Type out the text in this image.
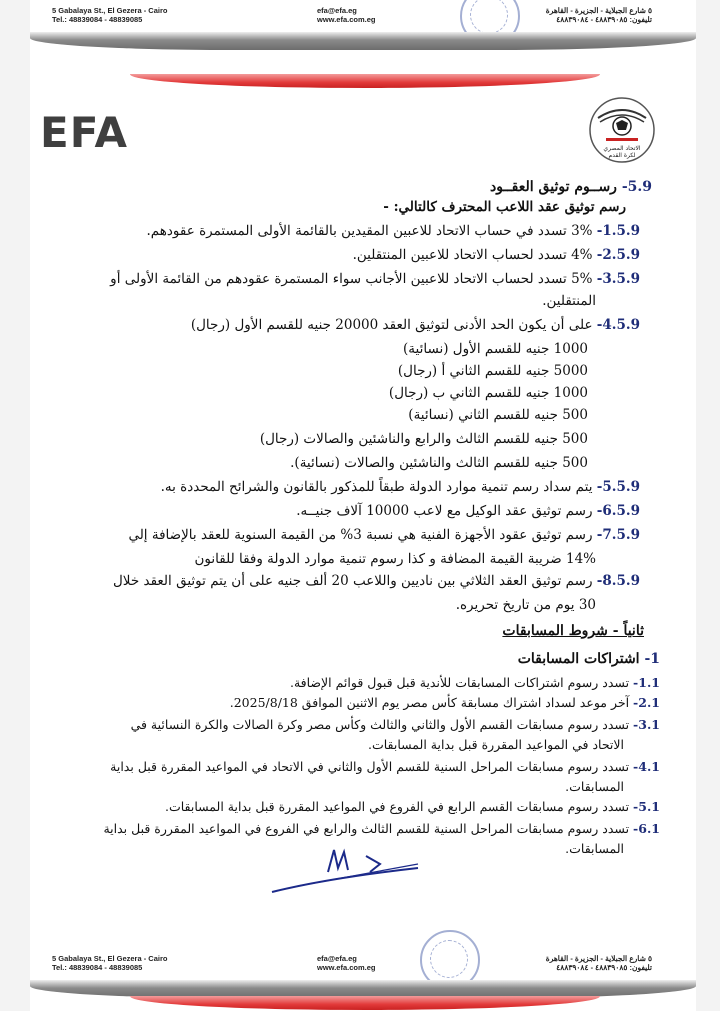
5 Gabalaya St., El Gezera - Cairo
Tel.: 48839084 - 48839085
efa@efa.eg
www.efa.com.eg
٥ شارع الجبلاية - الجزيرة - القاهرة
تليفون: ٤٨٨٣٩٠٨٥ - ٤٨٨٣٩٠٨٤
EFA	الاتحاد المصري
لكرة القدم
5.9- رســوم توثيق العقــود
رسم توثيق عقد اللاعب المحترف كالتالي: -
1.5.9- 3% تسدد في حساب الاتحاد للاعبين المقيدين بالقائمة الأولى المستمرة عقودهم.
2.5.9- 4% تسدد لحساب الاتحاد للاعبين المنتقلين.
3.5.9- 5% تسدد لحساب الاتحاد للاعبين الأجانب سواء المستمرة عقودهم من القائمة الأولى أو
المنتقلين.
4.5.9- على أن يكون الحد الأدنى لتوثيق العقد 20000 جنيه للقسم الأول (رجال)
1000 جنيه للقسم الأول (نسائية)
5000 جنيه للقسم الثاني أ (رجال)
1000 جنيه للقسم الثاني ب (رجال)
500 جنيه للقسم الثاني (نسائية)
500 جنيه للقسم الثالث والرابع والناشئين والصالات (رجال)
500 جنيه للقسم الثالث والناشئين والصالات (نسائية).
5.5.9- يتم سداد رسم تنمية موارد الدولة طبقاً للمذكور بالقانون والشرائح المحددة به.
6.5.9- رسم توثيق عقد الوكيل مع لاعب 10000 آلاف جنيــه.
7.5.9- رسم توثيق عقود الأجهزة الفنية هي نسبة 3% من القيمة السنوية للعقد بالإضافة إلي
14% ضريبة القيمة المضافة و كذا رسوم تنمية موارد الدولة وفقا للقانون
8.5.9- رسم توثيق العقد الثلاثي بين ناديين واللاعب 20 ألف جنيه على أن يتم توثيق العقد خلال
30 يوم من تاريخ تحريره.
ثانياً - شروط المسابقات
1- اشتراكات المسابقات
1.1- تسدد رسوم اشتراكات المسابقات للأندية قبل قبول قوائم الإضافة.
2.1- آخر موعد لسداد اشتراك مسابقة كأس مصر يوم الاثنين الموافق 2025/8/18.
3.1- تسدد رسوم مسابقات القسم الأول والثاني والثالث وكأس مصر وكرة الصالات والكرة النسائية في
الاتحاد في المواعيد المقررة قبل بداية المسابقات.
4.1- تسدد رسوم مسابقات المراحل السنية للقسم الأول والثاني في الاتحاد في المواعيد المقررة قبل بداية
المسابقات.
5.1- تسدد رسوم مسابقات القسم الرابع في الفروع في المواعيد المقررة قبل بداية المسابقات.
6.1- تسدد رسوم مسابقات المراحل السنية للقسم الثالث والرابع في الفروع في المواعيد المقررة قبل بداية
المسابقات.
5 Gabalaya St., El Gezera - Cairo
Tel.: 48839084 - 48839085
efa@efa.eg
www.efa.com.eg
٥ شارع الجبلاية - الجزيرة - القاهرة
تليفون: ٤٨٨٣٩٠٨٥ - ٤٨٨٣٩٠٨٤
